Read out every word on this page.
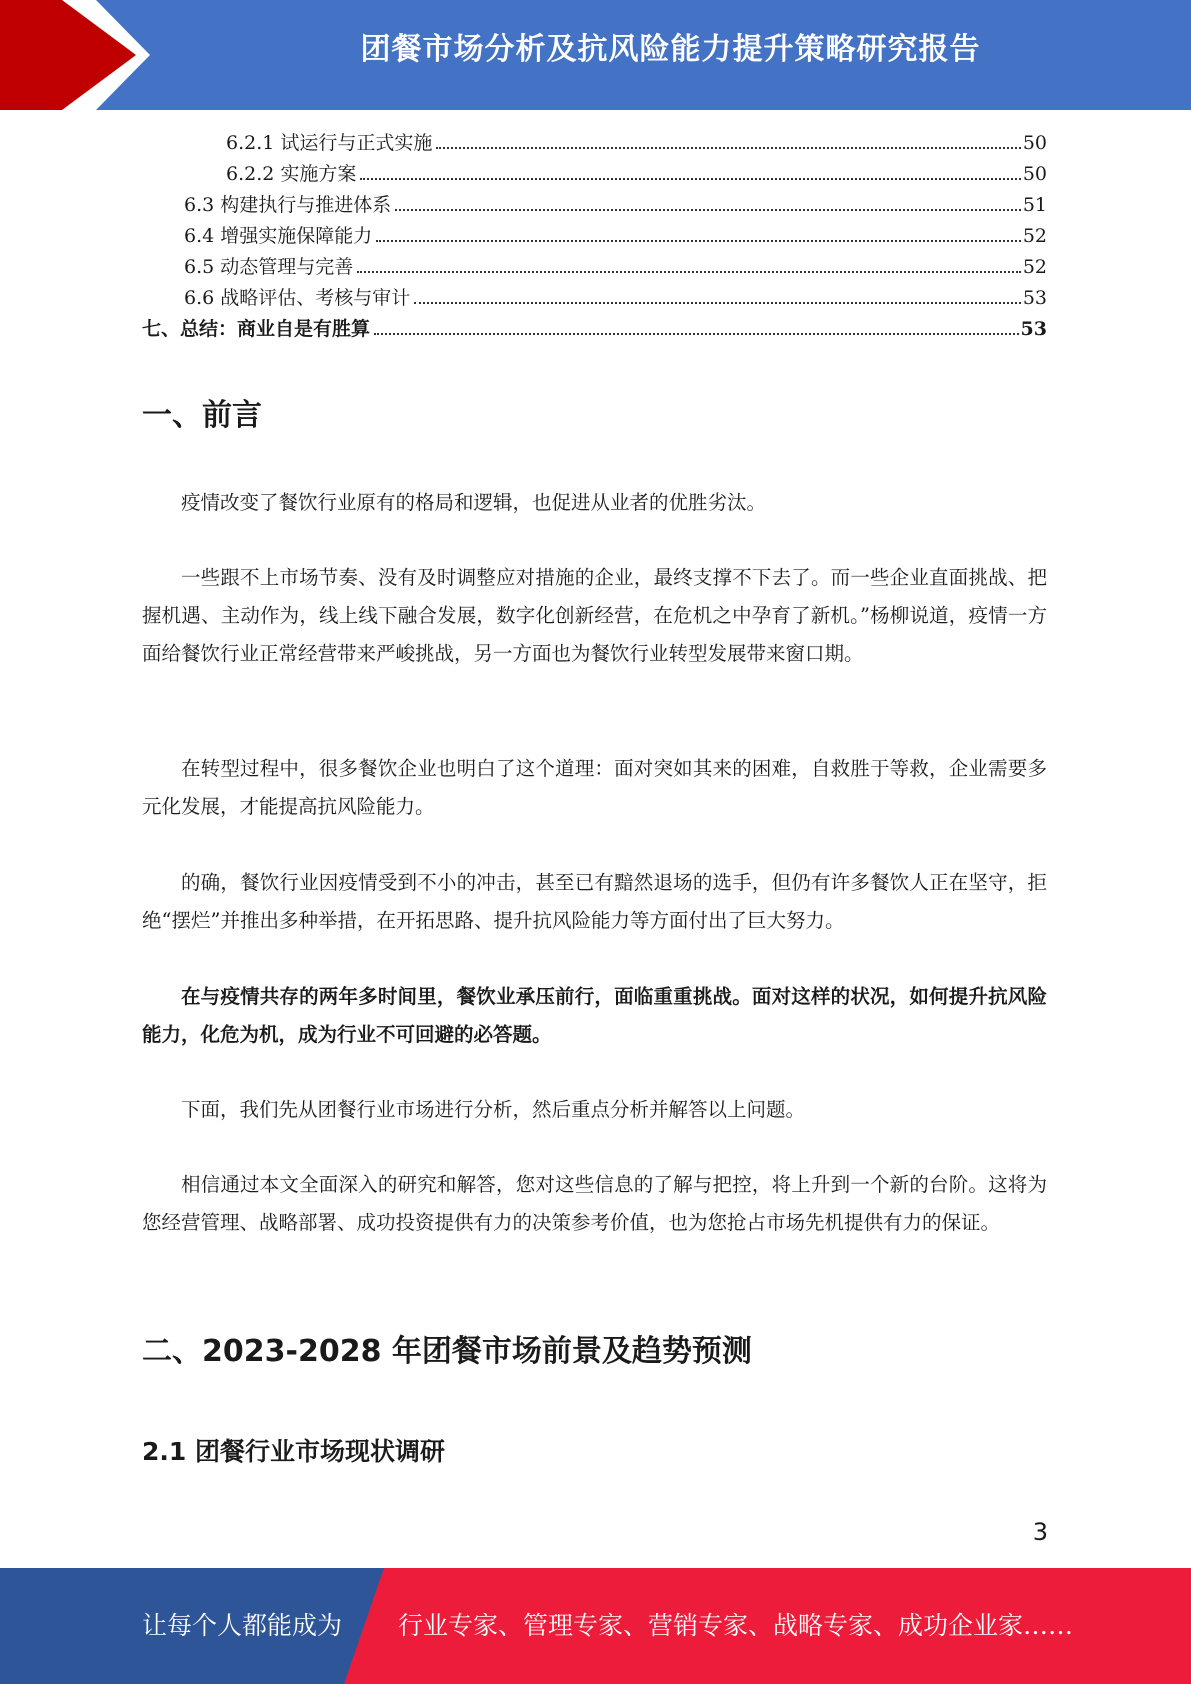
团餐市场分析及抗风险能力提升策略研究报告
6.2.1 试运行与正式实施	50
6.2.2 实施方案	50
6.3 构建执行与推进体系	51
6.4 增强实施保障能力	52
6.5 动态管理与完善	52
6.6 战略评估、考核与审计	53
七、总结：商业自是有胜算	53
一、前言

疫情改变了餐饮行业原有的格局和逻辑，也促进从业者的优胜劣汰。

一些跟不上市场节奏、没有及时调整应对措施的企业，最终支撑不下去了。而一些企业直面挑战、把握机遇、主动作为，线上线下融合发展，数字化创新经营，在危机之中孕育了新机。”杨柳说道，疫情一方面给餐饮行业正常经营带来严峻挑战，另一方面也为餐饮行业转型发展带来窗口期。

在转型过程中，很多餐饮企业也明白了这个道理：面对突如其来的困难，自救胜于等救，企业需要多元化发展，才能提高抗风险能力。

的确，餐饮行业因疫情受到不小的冲击，甚至已有黯然退场的选手，但仍有许多餐饮人正在坚守，拒绝“摆烂”并推出多种举措，在开拓思路、提升抗风险能力等方面付出了巨大努力。

在与疫情共存的两年多时间里，餐饮业承压前行，面临重重挑战。面对这样的状况，如何提升抗风险能力，化危为机，成为行业不可回避的必答题。

下面，我们先从团餐行业市场进行分析，然后重点分析并解答以上问题。

相信通过本文全面深入的研究和解答，您对这些信息的了解与把控，将上升到一个新的台阶。这将为您经营管理、战略部署、成功投资提供有力的决策参考价值，也为您抢占市场先机提供有力的保证。

二、2023-2028 年团餐市场前景及趋势预测
2.1 团餐行业市场现状调研
3
让每个人都能成为 行业专家、管理专家、营销专家、战略专家、成功企业家……
